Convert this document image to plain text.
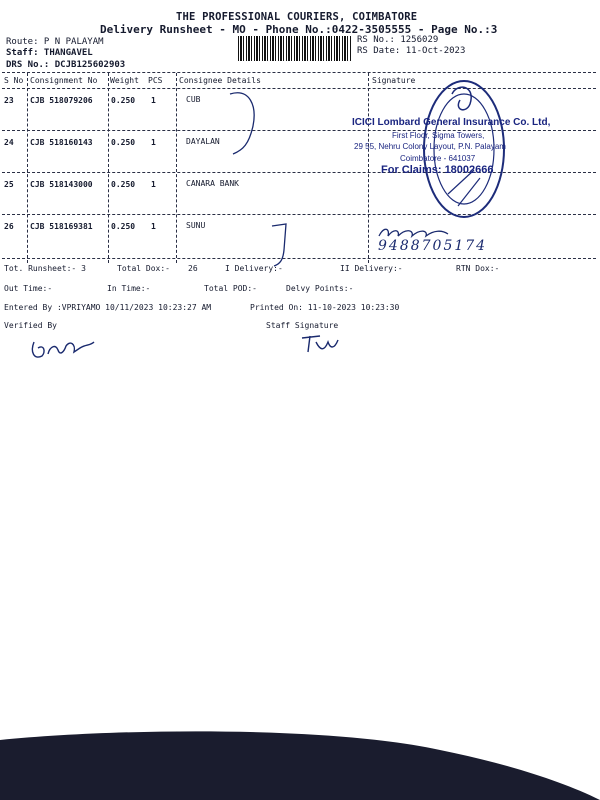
THE PROFESSIONAL COURIERS, COIMBATORE
Delivery Runsheet - MO - Phone No.:0422-3505555 - Page No.:3
Route: P N PALAYAM
Staff: THANGAVEL
DRS No.: DCJB125602903
RS No.: 1256029
RS Date: 11-Oct-2023
S No Consignment No Weight PCS Consignee Details	Signature
23 CJB 518079206 0.250 1	CUB
24 CJB 518160143 0.250 1	DAYALAN
25 CJB 518143000 0.250 1	CANARA BANK
26 CJB 518169381 0.250 1	SUNU
ICICI Lombard General Insurance Co. Ltd,
First Floor, Sigma Towers,
29 55, Nehru Colony Layout, P.N. Palayam
Coimbatore - 641037
For Claims: 18002666
9488705174
Tot. Runsheet:- 3	Total Dox:- 26	I Delivery:-	II Delivery:-	RTN Dox:-
Out Time:-	In Time:-	Total POD:-	Delvy Points:-
Entered By :VPRIYAMO 10/11/2023 10:23:27 AM	Printed On: 11-10-2023 10:23:30
Verified By	Staff Signature
